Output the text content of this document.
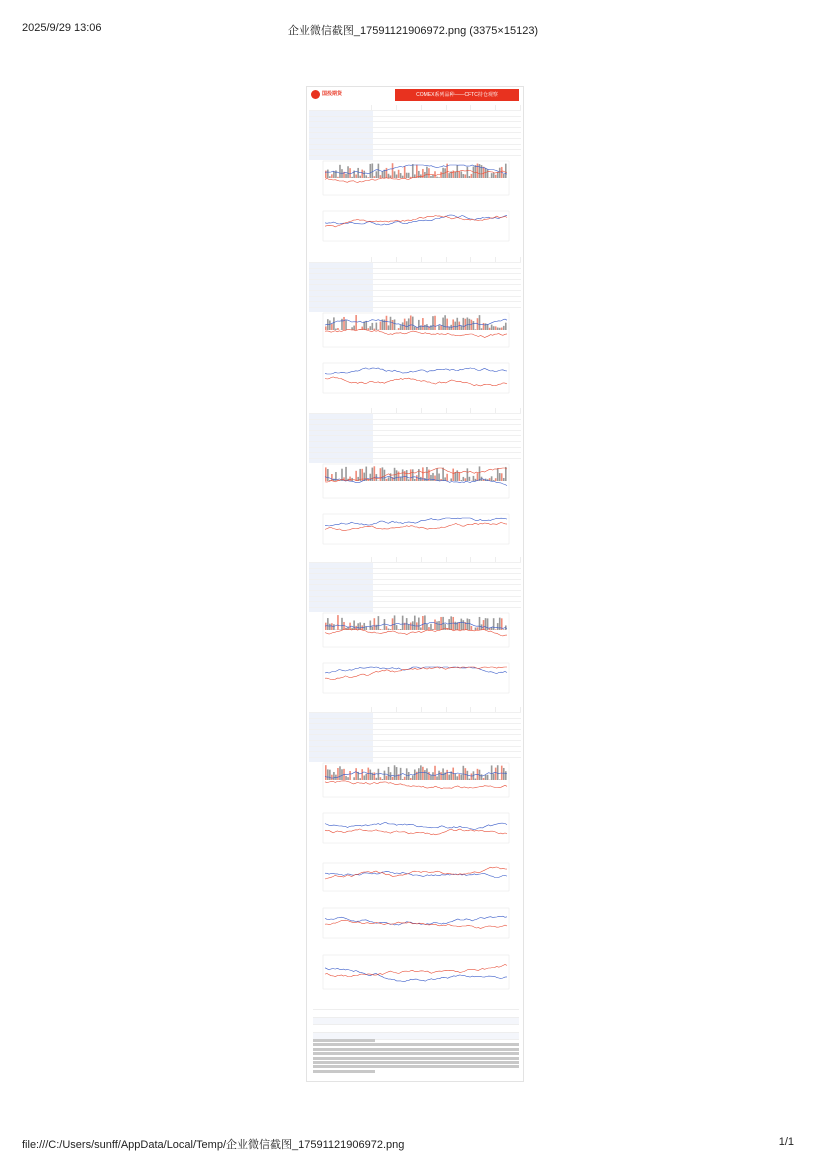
2025/9/29 13:06	企业微信截图_17591121906972.png (3375×15123)
国投期货	COMEX系列品种——CFTC持仓观察
file:///C:/Users/sunff/AppData/Local/Temp/企业微信截图_17591121906972.png	1/1
